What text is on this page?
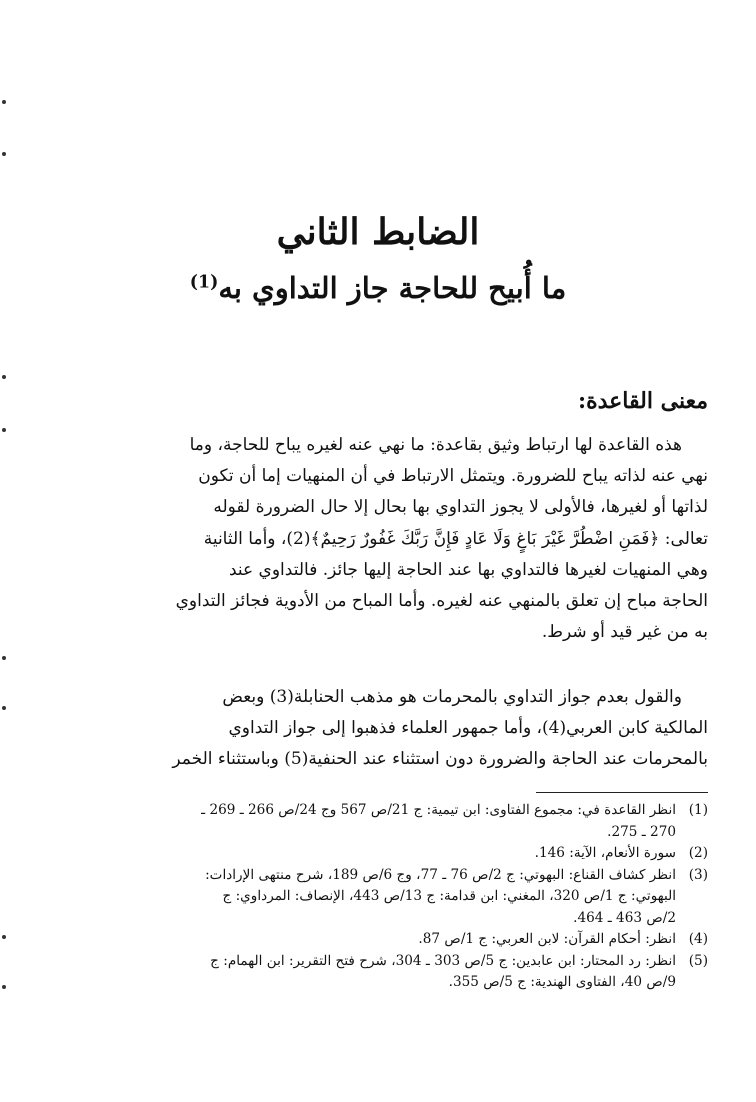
الضابط الثاني
ما أُبيح للحاجة جاز التداوي به$^{(1)}$
معنى القاعدة:
هذه القاعدة لها ارتباط وثيق بقاعدة: ما نهي عنه لغيره يباح للحاجة، وما
نهي عنه لذاته يباح للضرورة. ويتمثل الارتباط في أن المنهيات إما أن تكون
لذاتها أو لغيرها، فالأولى لا يجوز التداوي بها بحال إلا حال الضرورة لقوله
تعالى: ﴿فَمَنِ اضْطُرَّ غَيْرَ بَاغٍ وَلَا عَادٍ فَإِنَّ رَبَّكَ غَفُورٌ رَحِيمٌ﴾(2)، وأما الثانية
وهي المنهيات لغيرها فالتداوي بها عند الحاجة إليها جائز. فالتداوي عند
الحاجة مباح إن تعلق بالمنهي عنه لغيره. وأما المباح من الأدوية فجائز التداوي
به من غير قيد أو شرط.
والقول بعدم جواز التداوي بالمحرمات هو مذهب الحنابلة(3) وبعض
المالكية كابن العربي(4)، وأما جمهور العلماء فذهبوا إلى جواز التداوي
بالمحرمات عند الحاجة والضرورة دون استثناء عند الحنفية(5) وباستثناء الخمر
(1)
انظر القاعدة في: مجموع الفتاوى: ابن تيمية: ج 21/ص 567 وج 24/ص 266 ـ 269 ـ
270 ـ 275.
(2)
سورة الأنعام، الآية: 146.
(3)
انظر كشاف القناع: البهوتي: ج 2/ص 76 ـ 77، وج 6/ص 189، شرح منتهى الإرادات:
البهوتي: ج 1/ص 320، المغني: ابن قدامة: ج 13/ص 443، الإنصاف: المرداوي: ج
2/ص 463 ـ 464.
(4)
انظر: أحكام القرآن: لابن العربي: ج 1/ص 87.
(5)
انظر: رد المحتار: ابن عابدين: ج 5/ص 303 ـ 304، شرح فتح التقرير: ابن الهمام: ج
9/ص 40، الفتاوى الهندية: ج 5/ص 355.
